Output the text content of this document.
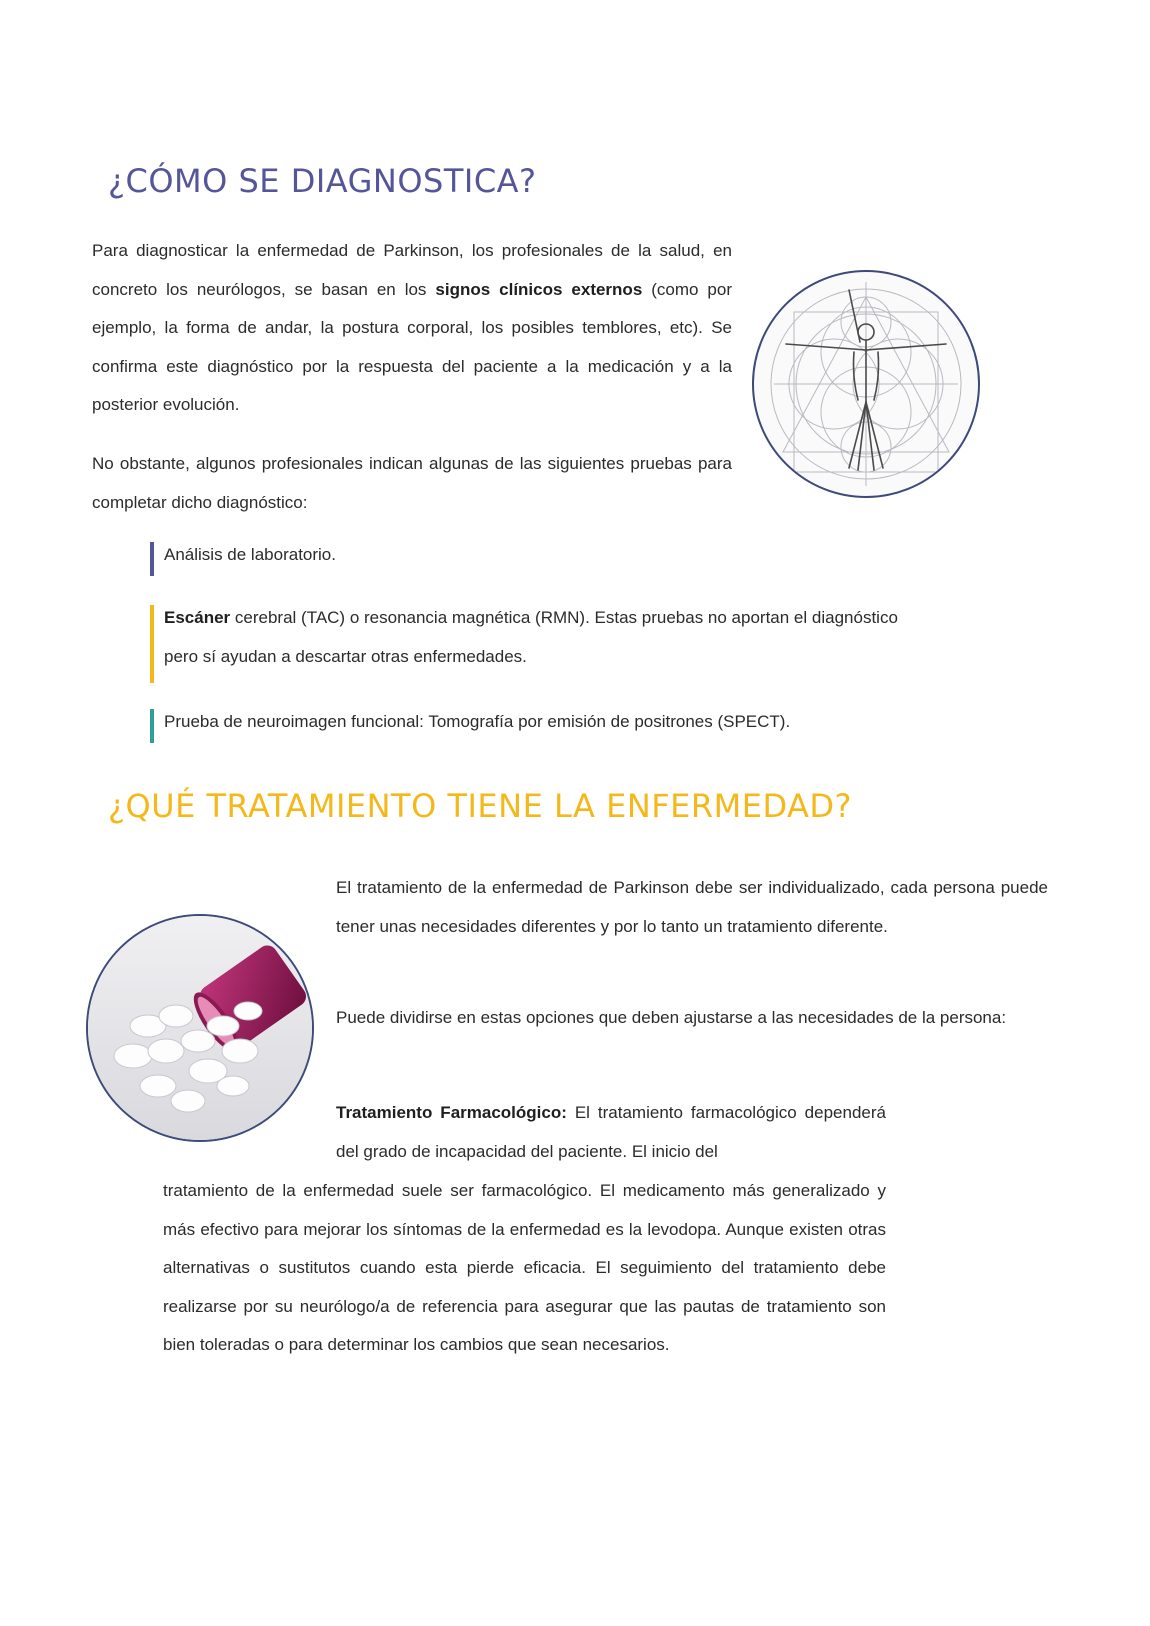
¿CÓMO SE DIAGNOSTICA?

Para diagnosticar la enfermedad de Parkinson, los profesionales de la salud, en concreto los neurólogos, se basan en los signos clínicos externos (como por ejemplo, la forma de andar, la postura corporal, los posibles temblores, etc). Se confirma este diagnóstico por la respuesta del paciente a la medicación y a la posterior evolución.

No obstante, algunos profesionales indican algunas de las siguientes pruebas para completar dicho diagnóstico:

Análisis de laboratorio.

Escáner cerebral (TAC) o resonancia magnética (RMN). Estas pruebas no aportan el diagnóstico pero sí ayudan a descartar otras enfermedades.

Prueba de neuroimagen funcional: Tomografía por emisión de positrones (SPECT).

¿QUÉ TRATAMIENTO TIENE LA ENFERMEDAD?

El tratamiento de la enfermedad de Parkinson debe ser individualizado, cada persona puede tener unas necesidades diferentes y por lo tanto un tratamiento diferente.

Puede dividirse en estas opciones que deben ajustarse a las necesidades de la persona:

Tratamiento Farmacológico: El tratamiento farmacológico dependerá del grado de incapacidad del paciente. El inicio del

tratamiento de la enfermedad suele ser farmacológico. El medicamento más generalizado y más efectivo para mejorar los síntomas de la enfermedad es la levodopa. Aunque existen otras alternativas o sustitutos cuando esta pierde eficacia. El seguimiento del tratamiento debe realizarse por su neurólogo/a de referencia para asegurar que las pautas de tratamiento son bien toleradas o para determinar los cambios que sean necesarios.
